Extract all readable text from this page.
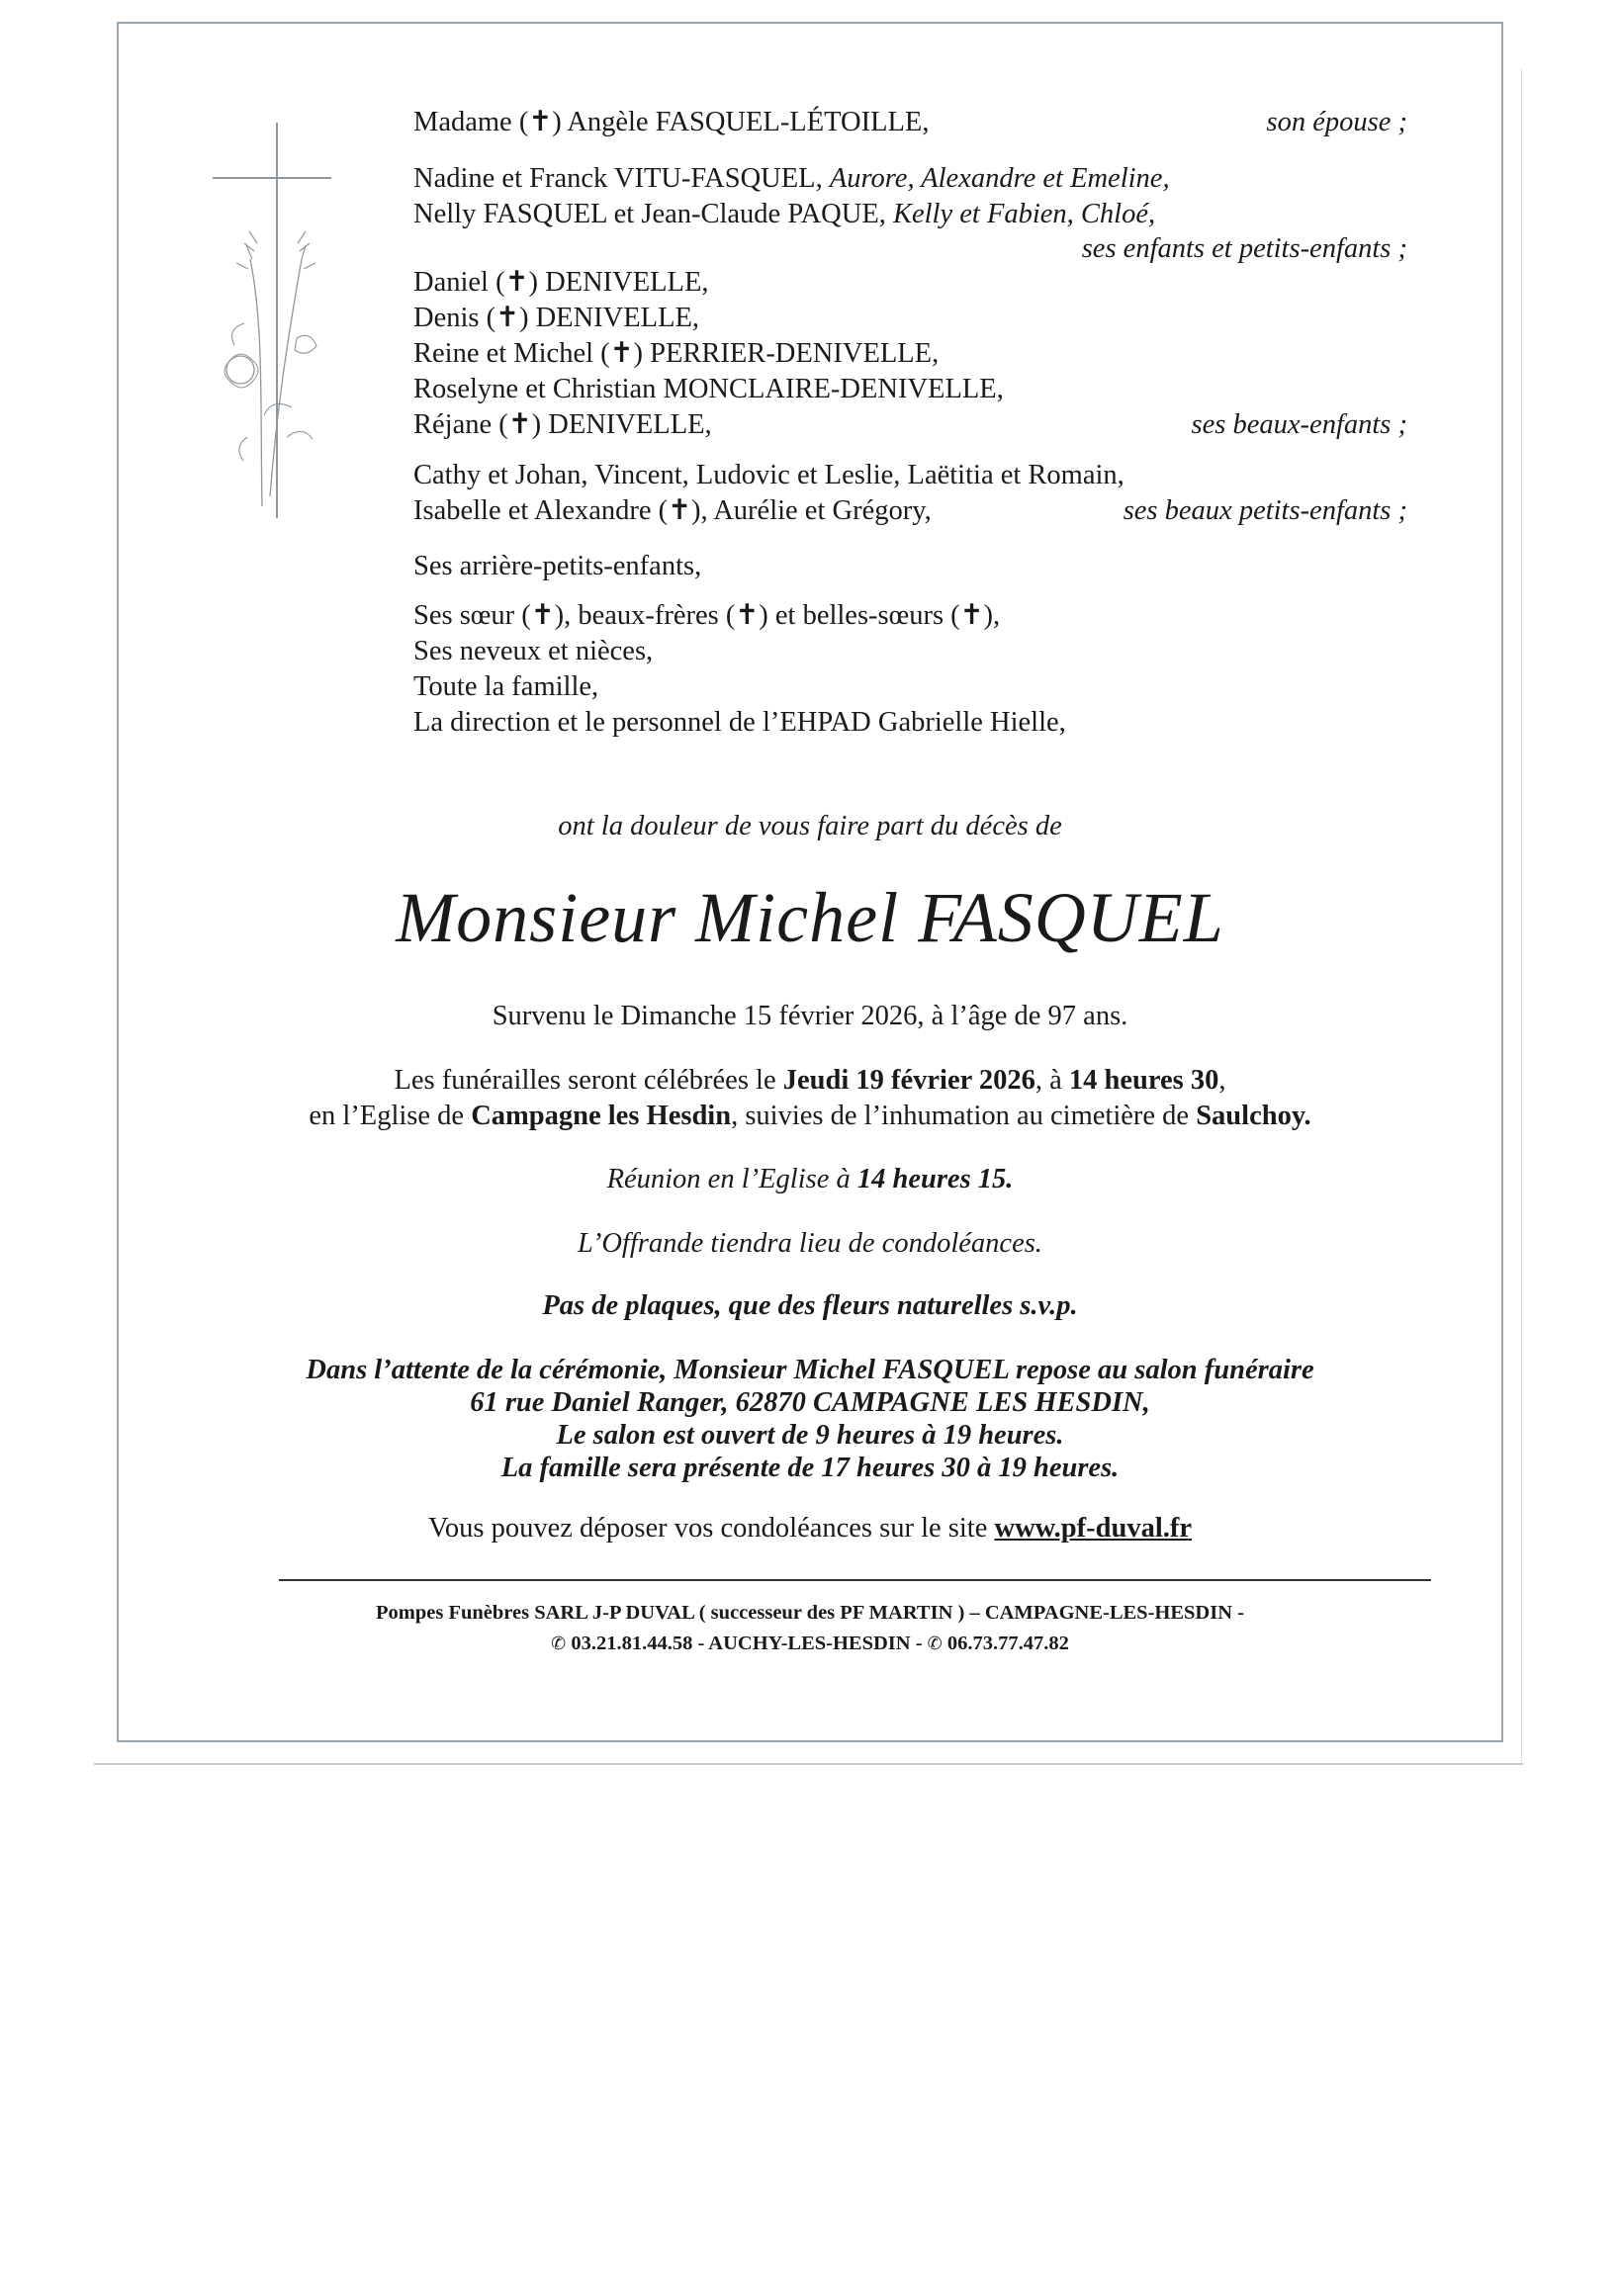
Madame (✝) Angèle FASQUEL-LÉTOILLE,	son épouse ;
Nadine et Franck VITU-FASQUEL, Aurore, Alexandre et Emeline,
Nelly FASQUEL et Jean-Claude PAQUE, Kelly et Fabien, Chloé,
ses enfants et petits-enfants ;
Daniel (✝) DENIVELLE,
Denis (✝) DENIVELLE,
Reine et Michel (✝) PERRIER-DENIVELLE,
Roselyne et Christian MONCLAIRE-DENIVELLE,
Réjane (✝) DENIVELLE,	ses beaux-enfants ;
Cathy et Johan, Vincent, Ludovic et Leslie, Laëtitia et Romain,
Isabelle et Alexandre (✝), Aurélie et Grégory,	ses beaux petits-enfants ;
Ses arrière-petits-enfants,
Ses sœur (✝), beaux-frères (✝) et belles-sœurs (✝),
Ses neveux et nièces,
Toute la famille,
La direction et le personnel de l’EHPAD Gabrielle Hielle,
ont la douleur de vous faire part du décès de
Monsieur Michel FASQUEL
Survenu le Dimanche 15 février 2026, à l’âge de 97 ans.
Les funérailles seront célébrées le Jeudi 19 février 2026, à 14 heures 30,
en l’Eglise de Campagne les Hesdin, suivies de l’inhumation au cimetière de Saulchoy.
Réunion en l’Eglise à 14 heures 15.
L’Offrande tiendra lieu de condoléances.
Pas de plaques, que des fleurs naturelles s.v.p.
Dans l’attente de la cérémonie, Monsieur Michel FASQUEL repose au salon funéraire
61 rue Daniel Ranger, 62870 CAMPAGNE LES HESDIN,
Le salon est ouvert de 9 heures à 19 heures.
La famille sera présente de 17 heures 30 à 19 heures.
Vous pouvez déposer vos condoléances sur le site www.pf-duval.fr
Pompes Funèbres SARL J-P DUVAL ( successeur des PF MARTIN ) – CAMPAGNE-LES-HESDIN -
✆ 03.21.81.44.58 - AUCHY-LES-HESDIN - ✆ 06.73.77.47.82
